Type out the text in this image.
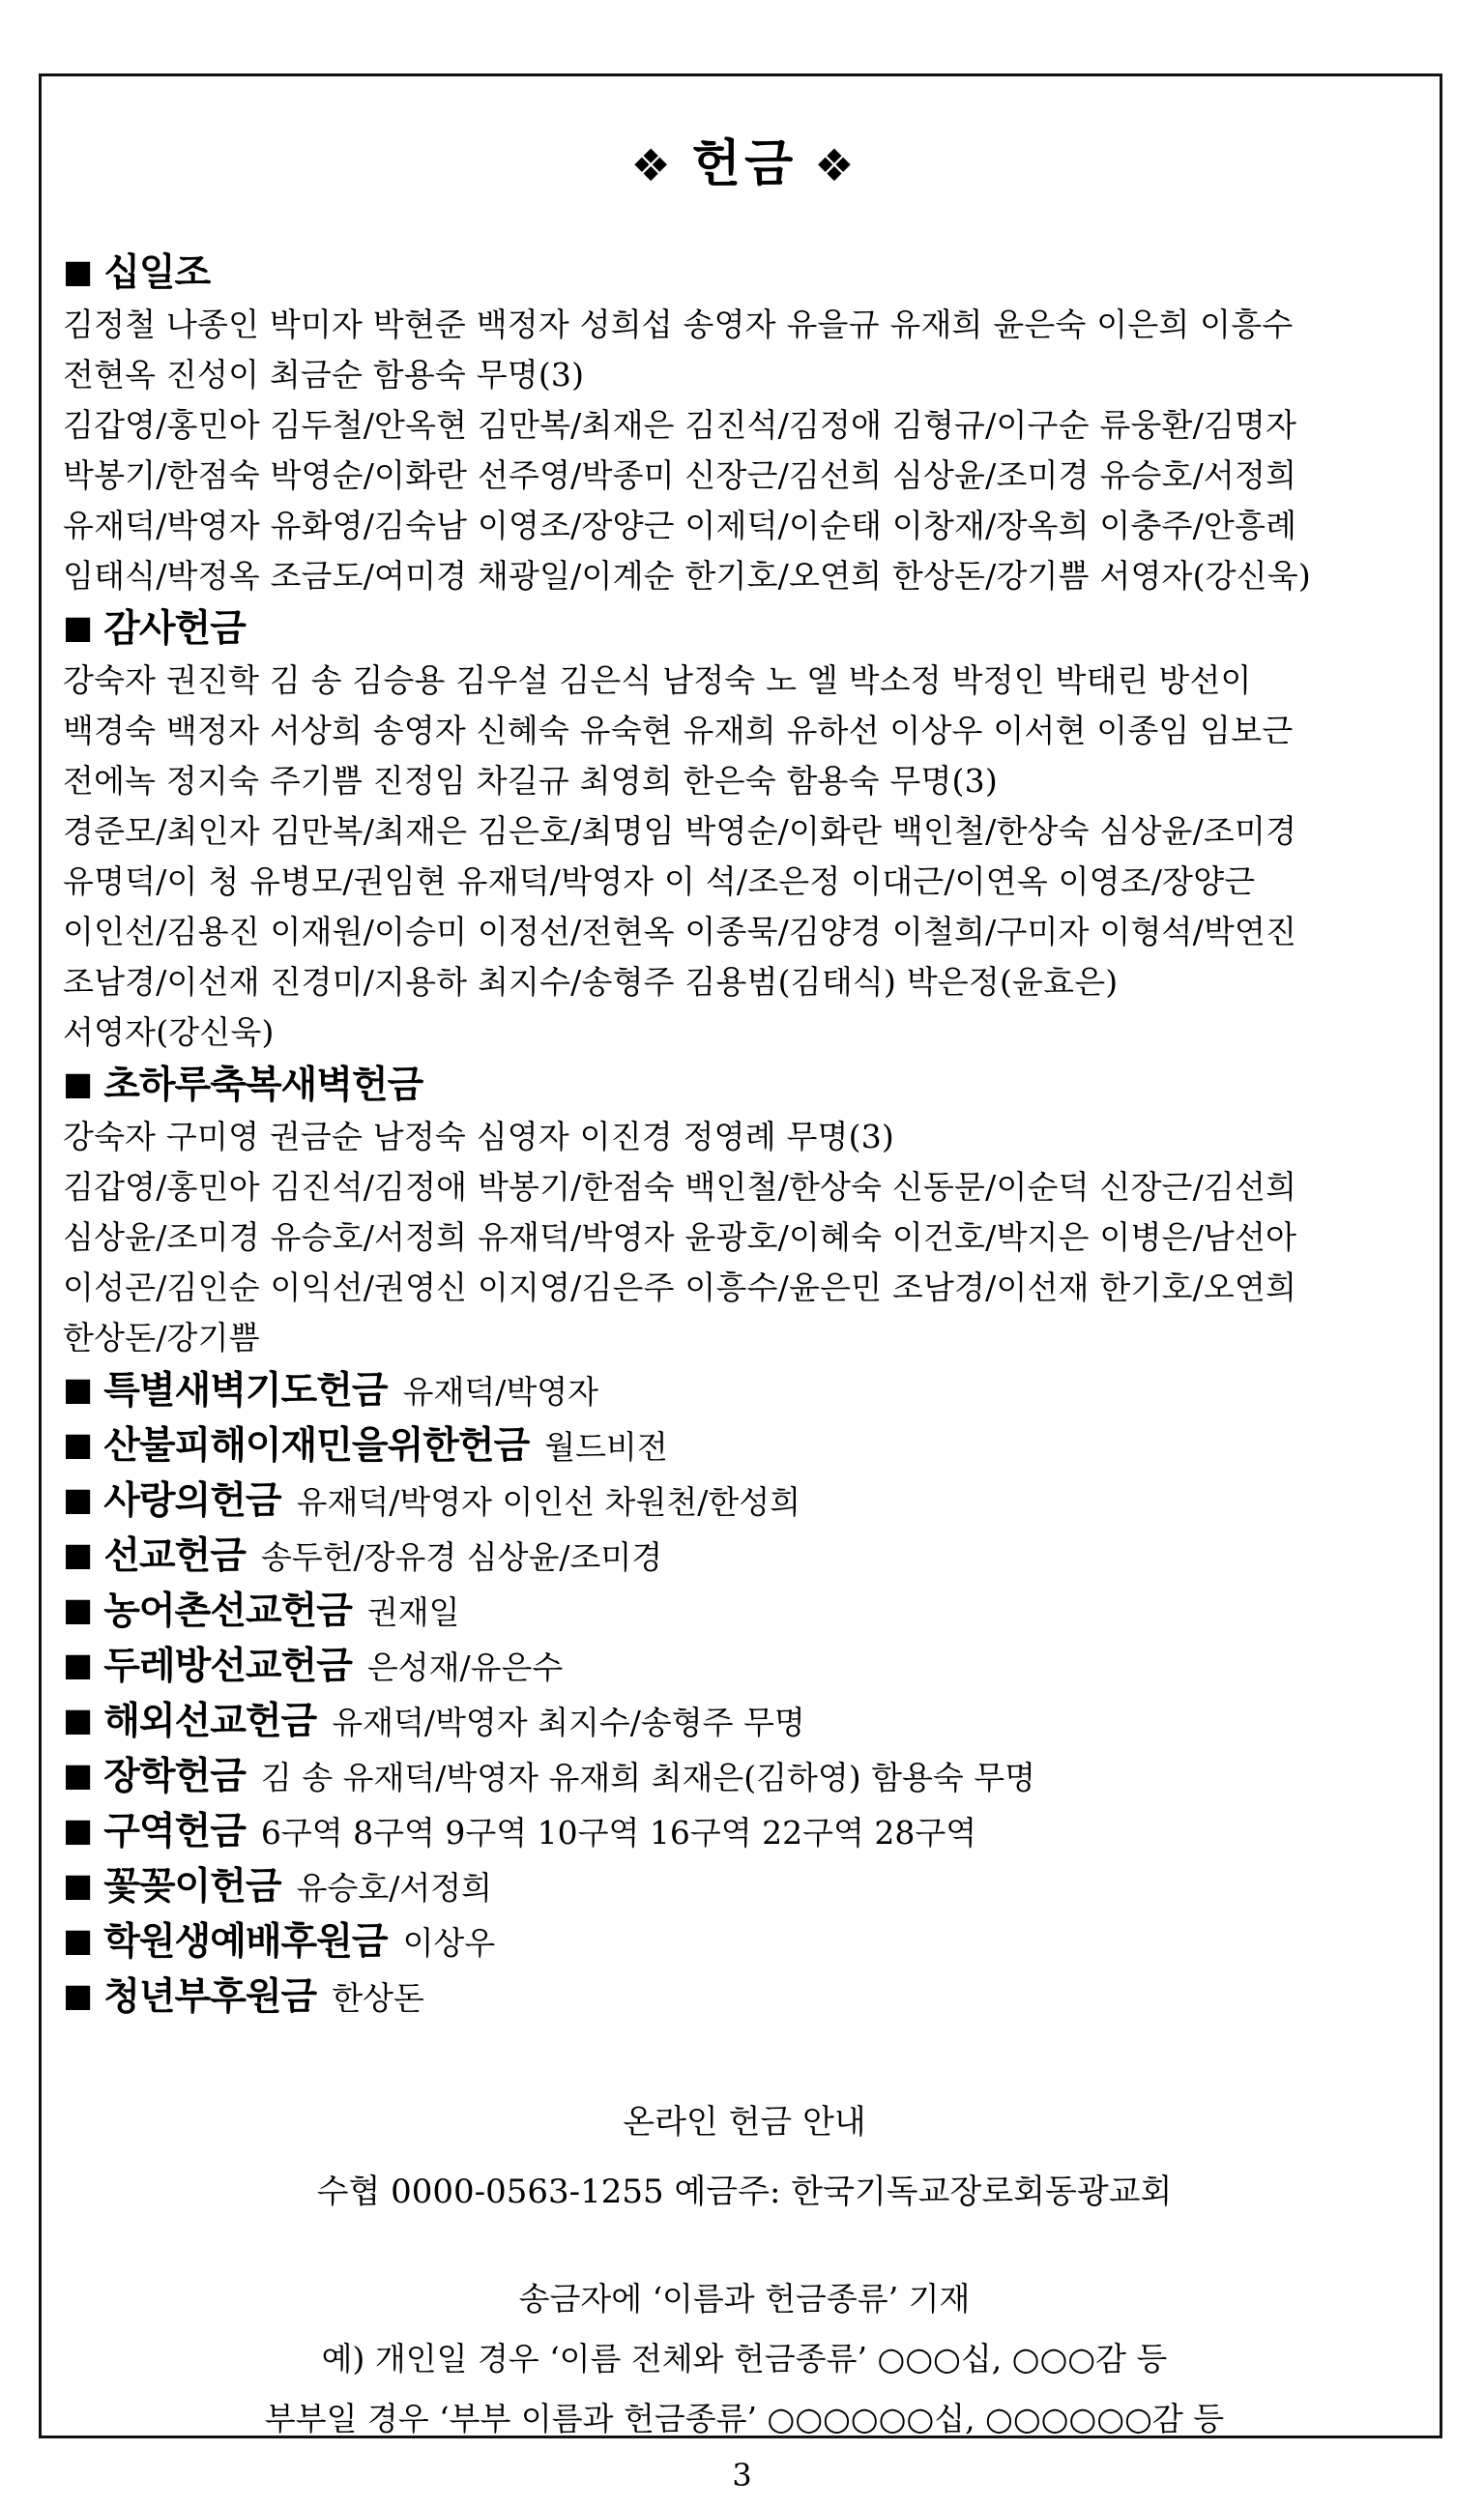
❖ 헌금 ❖
■ 십일조
김정철 나종인 박미자 박현준 백정자 성희섭 송영자 유을규 유재희 윤은숙 이은희 이흥수
전현옥 진성이 최금순 함용숙 무명(3)
김갑영/홍민아 김두철/안옥현 김만복/최재은 김진석/김정애 김형규/이구순 류웅환/김명자
박봉기/한점숙 박영순/이화란 선주영/박종미 신장근/김선희 심상윤/조미경 유승호/서정희
유재덕/박영자 유화영/김숙남 이영조/장양근 이제덕/이순태 이창재/장옥희 이충주/안흥례
임태식/박정옥 조금도/여미경 채광일/이계순 한기호/오연희 한상돈/강기쁨 서영자(강신욱)
■ 감사헌금
강숙자 권진학 김 송 김승용 김우설 김은식 남정숙 노 엘 박소정 박정인 박태린 방선이
백경숙 백정자 서상희 송영자 신혜숙 유숙현 유재희 유하선 이상우 이서현 이종임 임보근
전에녹 정지숙 주기쁨 진정임 차길규 최영희 한은숙 함용숙 무명(3)
경준모/최인자 김만복/최재은 김은호/최명임 박영순/이화란 백인철/한상숙 심상윤/조미경
유명덕/이 청 유병모/권임현 유재덕/박영자 이 석/조은정 이대근/이연옥 이영조/장양근
이인선/김용진 이재원/이승미 이정선/전현옥 이종묵/김양경 이철희/구미자 이형석/박연진
조남경/이선재 진경미/지용하 최지수/송형주 김용범(김태식) 박은정(윤효은)
서영자(강신욱)
■ 초하루축복새벽헌금
강숙자 구미영 권금순 남정숙 심영자 이진경 정영례 무명(3)
김갑영/홍민아 김진석/김정애 박봉기/한점숙 백인철/한상숙 신동문/이순덕 신장근/김선희
심상윤/조미경 유승호/서정희 유재덕/박영자 윤광호/이혜숙 이건호/박지은 이병은/남선아
이성곤/김인순 이익선/권영신 이지영/김은주 이흥수/윤은민 조남경/이선재 한기호/오연희
한상돈/강기쁨
■ 특별새벽기도헌금 유재덕/박영자
■ 산불피해이재민을위한헌금 월드비전
■ 사랑의헌금 유재덕/박영자 이인선 차원천/한성희
■ 선교헌금 송두헌/장유경 심상윤/조미경
■ 농어촌선교헌금 권재일
■ 두레방선교헌금 은성재/유은수
■ 해외선교헌금 유재덕/박영자 최지수/송형주 무명
■ 장학헌금 김 송 유재덕/박영자 유재희 최재은(김하영) 함용숙 무명
■ 구역헌금 6구역 8구역 9구역 10구역 16구역 22구역 28구역
■ 꽃꽂이헌금 유승호/서정희
■ 학원생예배후원금 이상우
■ 청년부후원금 한상돈
온라인 헌금 안내
수협 0000-0563-1255 예금주: 한국기독교장로회동광교회
송금자에 ‘이름과 헌금종류’ 기재
예) 개인일 경우 ‘이름 전체와 헌금종류’ ○○○십, ○○○감 등
부부일 경우 ‘부부 이름과 헌금종류’ ○○○○○○십, ○○○○○○감 등
3
